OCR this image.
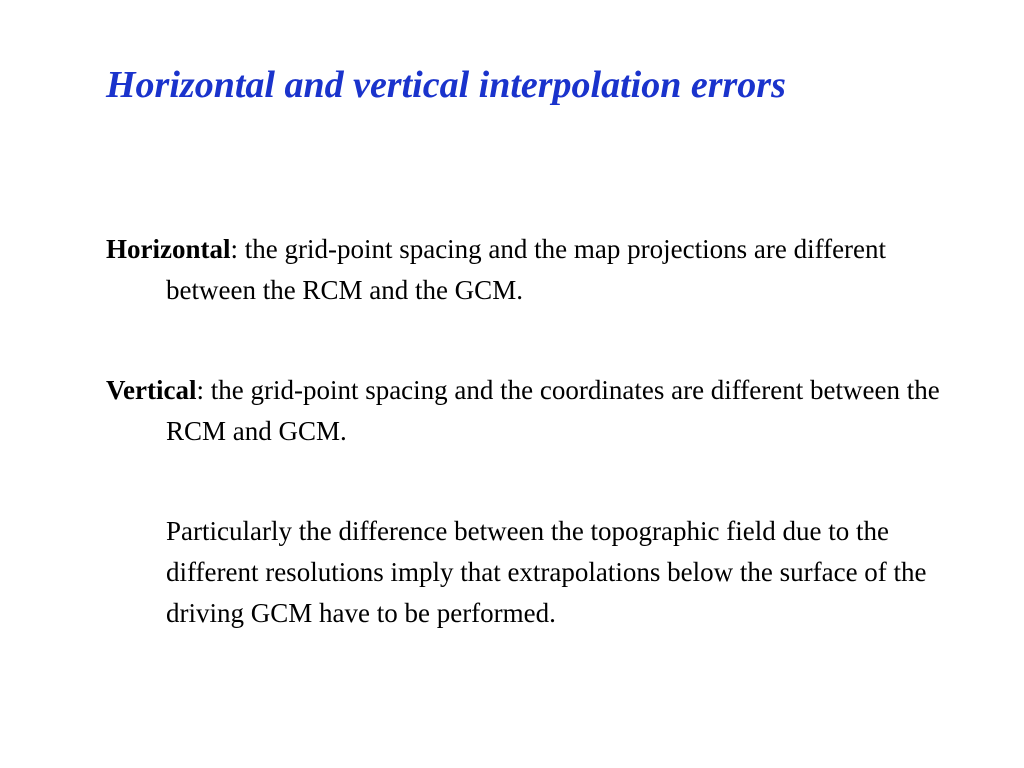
Horizontal and vertical interpolation errors

Horizontal: the grid-point spacing and the map projections are different between the RCM and the GCM.

Vertical: the grid-point spacing and the coordinates are different between the RCM and GCM.

Particularly the difference between the topographic field due to the different resolutions imply that extrapolations below the surface of the driving GCM have to be performed.
